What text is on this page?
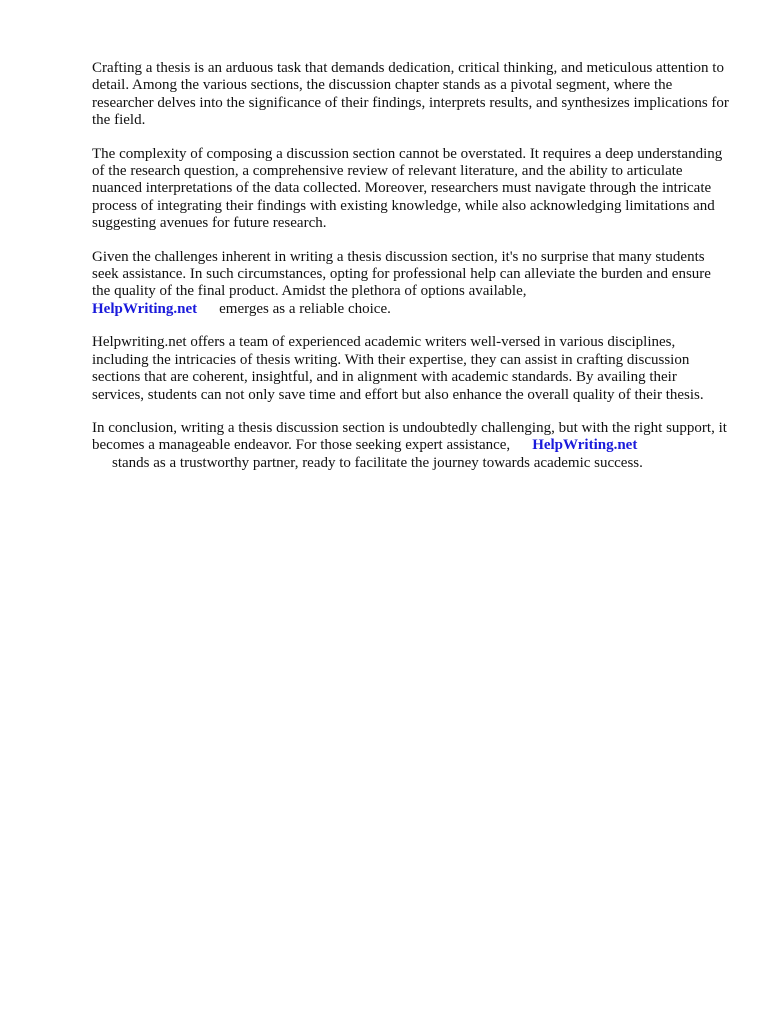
Crafting a thesis is an arduous task that demands dedication, critical thinking, and meticulous attention to detail. Among the various sections, the discussion chapter stands as a pivotal segment, where the researcher delves into the significance of their findings, interprets results, and synthesizes implications for the field.

The complexity of composing a discussion section cannot be overstated. It requires a deep understanding of the research question, a comprehensive review of relevant literature, and the ability to articulate nuanced interpretations of the data collected. Moreover, researchers must navigate through the intricate process of integrating their findings with existing knowledge, while also acknowledging limitations and suggesting avenues for future research.

Given the challenges inherent in writing a thesis discussion section, it's no surprise that many students seek assistance. In such circumstances, opting for professional help can alleviate the burden and ensure the quality of the final product. Amidst the plethora of options available,
HelpWriting.net emerges as a reliable choice.

Helpwriting.net offers a team of experienced academic writers well-versed in various disciplines, including the intricacies of thesis writing. With their expertise, they can assist in crafting discussion sections that are coherent, insightful, and in alignment with academic standards. By availing their services, students can not only save time and effort but also enhance the overall quality of their thesis.

In conclusion, writing a thesis discussion section is undoubtedly challenging, but with the right support, it becomes a manageable endeavor. For those seeking expert assistance, HelpWriting.net
stands as a trustworthy partner, ready to facilitate the journey towards academic success.
